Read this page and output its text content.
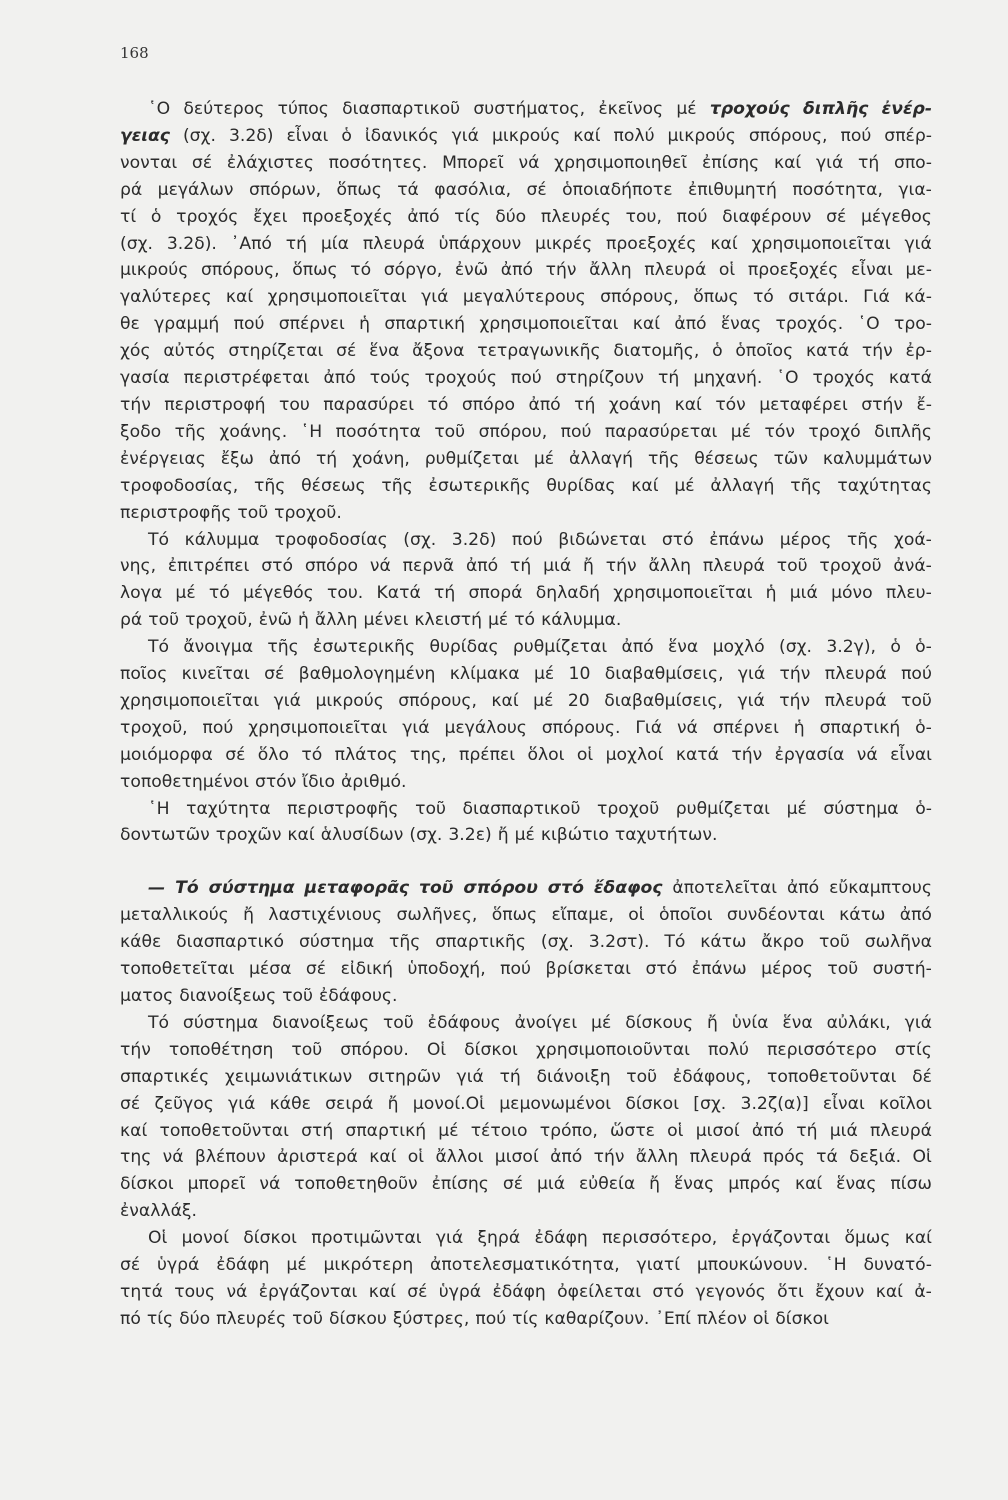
168
῾Ο δεύτερος τύπος διασπαρτικοῦ συστήματος, ἐκεῖνος μέ τροχούς διπλῆς ἐνέρ-
γειας (σχ. 3.2δ) εἶναι ὁ ἰδανικός γιά μικρούς καί πολύ μικρούς σπόρους, πού σπέρ-
νονται σέ ἐλάχιστες ποσότητες. Μπορεῖ νά χρησιμοποιηθεῖ ἐπίσης καί γιά τή σπο-
ρά μεγάλων σπόρων, ὅπως τά φασόλια, σέ ὁποιαδήποτε ἐπιθυμητή ποσότητα, για-
τί ὁ τροχός ἔχει προεξοχές ἀπό τίς δύο πλευρές του, πού διαφέρουν σέ μέγεθος
(σχ. 3.2δ). ᾿Από τή μία πλευρά ὑπάρχουν μικρές προεξοχές καί χρησιμοποιεῖται γιά
μικρούς σπόρους, ὅπως τό σόργο, ἐνῶ ἀπό τήν ἄλλη πλευρά οἱ προεξοχές εἶναι με-
γαλύτερες καί χρησιμοποιεῖται γιά μεγαλύτερους σπόρους, ὅπως τό σιτάρι. Γιά κά-
θε γραμμή πού σπέρνει ἡ σπαρτική χρησιμοποιεῖται καί ἀπό ἕνας τροχός. ῾Ο τρο-
χός αὐτός στηρίζεται σέ ἕνα ἄξονα τετραγωνικῆς διατομῆς, ὁ ὁποῖος κατά τήν ἐρ-
γασία περιστρέφεται ἀπό τούς τροχούς πού στηρίζουν τή μηχανή. ῾Ο τροχός κατά
τήν περιστροφή του παρασύρει τό σπόρο ἀπό τή χοάνη καί τόν μεταφέρει στήν ἔ-
ξοδο τῆς χοάνης. ῾Η ποσότητα τοῦ σπόρου, πού παρασύρεται μέ τόν τροχό διπλῆς
ἐνέργειας ἔξω ἀπό τή χοάνη, ρυθμίζεται μέ ἀλλαγή τῆς θέσεως τῶν καλυμμάτων
τροφοδοσίας, τῆς θέσεως τῆς ἐσωτερικῆς θυρίδας καί μέ ἀλλαγή τῆς ταχύτητας
περιστροφῆς τοῦ τροχοῦ.
Τό κάλυμμα τροφοδοσίας (σχ. 3.2δ) πού βιδώνεται στό ἐπάνω μέρος τῆς χοά-
νης, ἐπιτρέπει στό σπόρο νά περνᾶ ἀπό τή μιά ἤ τήν ἄλλη πλευρά τοῦ τροχοῦ ἀνά-
λογα μέ τό μέγεθός του. Κατά τή σπορά δηλαδή χρησιμοποιεῖται ἡ μιά μόνο πλευ-
ρά τοῦ τροχοῦ, ἐνῶ ἡ ἄλλη μένει κλειστή μέ τό κάλυμμα.
Τό ἄνοιγμα τῆς ἐσωτερικῆς θυρίδας ρυθμίζεται ἀπό ἕνα μοχλό (σχ. 3.2γ), ὁ ὁ-
ποῖος κινεῖται σέ βαθμολογημένη κλίμακα μέ 10 διαβαθμίσεις, γιά τήν πλευρά πού
χρησιμοποιεῖται γιά μικρούς σπόρους, καί μέ 20 διαβαθμίσεις, γιά τήν πλευρά τοῦ
τροχοῦ, πού χρησιμοποιεῖται γιά μεγάλους σπόρους. Γιά νά σπέρνει ἡ σπαρτική ὁ-
μοιόμορφα σέ ὅλο τό πλάτος της, πρέπει ὅλοι οἱ μοχλοί κατά τήν ἐργασία νά εἶναι
τοποθετημένοι στόν ἴδιο ἀριθμό.
῾Η ταχύτητα περιστροφῆς τοῦ διασπαρτικοῦ τροχοῦ ρυθμίζεται μέ σύστημα ὁ-
δοντωτῶν τροχῶν καί ἁλυσίδων (σχ. 3.2ε) ἤ μέ κιβώτιο ταχυτήτων.
— Τό σύστημα μεταφορᾶς τοῦ σπόρου στό ἔδαφος ἀποτελεῖται ἀπό εὔκαμπτους
μεταλλικούς ἤ λαστιχένιους σωλῆνες, ὅπως εἴπαμε, οἱ ὁποῖοι συνδέονται κάτω ἀπό
κάθε διασπαρτικό σύστημα τῆς σπαρτικῆς (σχ. 3.2στ). Τό κάτω ἄκρο τοῦ σωλῆνα
τοποθετεῖται μέσα σέ εἰδική ὑποδοχή, πού βρίσκεται στό ἐπάνω μέρος τοῦ συστή-
ματος διανοίξεως τοῦ ἐδάφους.
Τό σύστημα διανοίξεως τοῦ ἐδάφους ἀνοίγει μέ δίσκους ἤ ὑνία ἕνα αὐλάκι, γιά
τήν τοποθέτηση τοῦ σπόρου. Οἱ δίσκοι χρησιμοποιοῦνται πολύ περισσότερο στίς
σπαρτικές χειμωνιάτικων σιτηρῶν γιά τή διάνοιξη τοῦ ἐδάφους, τοποθετοῦνται δέ
σέ ζεῦγος γιά κάθε σειρά ἤ μονοί.Οἱ μεμονωμένοι δίσκοι [σχ. 3.2ζ(α)] εἶναι κοῖλοι
καί τοποθετοῦνται στή σπαρτική μέ τέτοιο τρόπο, ὥστε οἱ μισοί ἀπό τή μιά πλευρά
της νά βλέπουν ἀριστερά καί οἱ ἄλλοι μισοί ἀπό τήν ἄλλη πλευρά πρός τά δεξιά. Οἱ
δίσκοι μπορεῖ νά τοποθετηθοῦν ἐπίσης σέ μιά εὐθεία ἤ ἕνας μπρός καί ἕνας πίσω
ἐναλλάξ.
Οἱ μονοί δίσκοι προτιμῶνται γιά ξηρά ἐδάφη περισσότερο, ἐργάζονται ὅμως καί
σέ ὑγρά ἐδάφη μέ μικρότερη ἀποτελεσματικότητα, γιατί μπουκώνουν. ῾Η δυνατό-
τητά τους νά ἐργάζονται καί σέ ὑγρά ἐδάφη ὀφείλεται στό γεγονός ὅτι ἔχουν καί ἀ-
πό τίς δύο πλευρές τοῦ δίσκου ξύστρες, πού τίς καθαρίζουν. ᾿Επί πλέον οἱ δίσκοι
